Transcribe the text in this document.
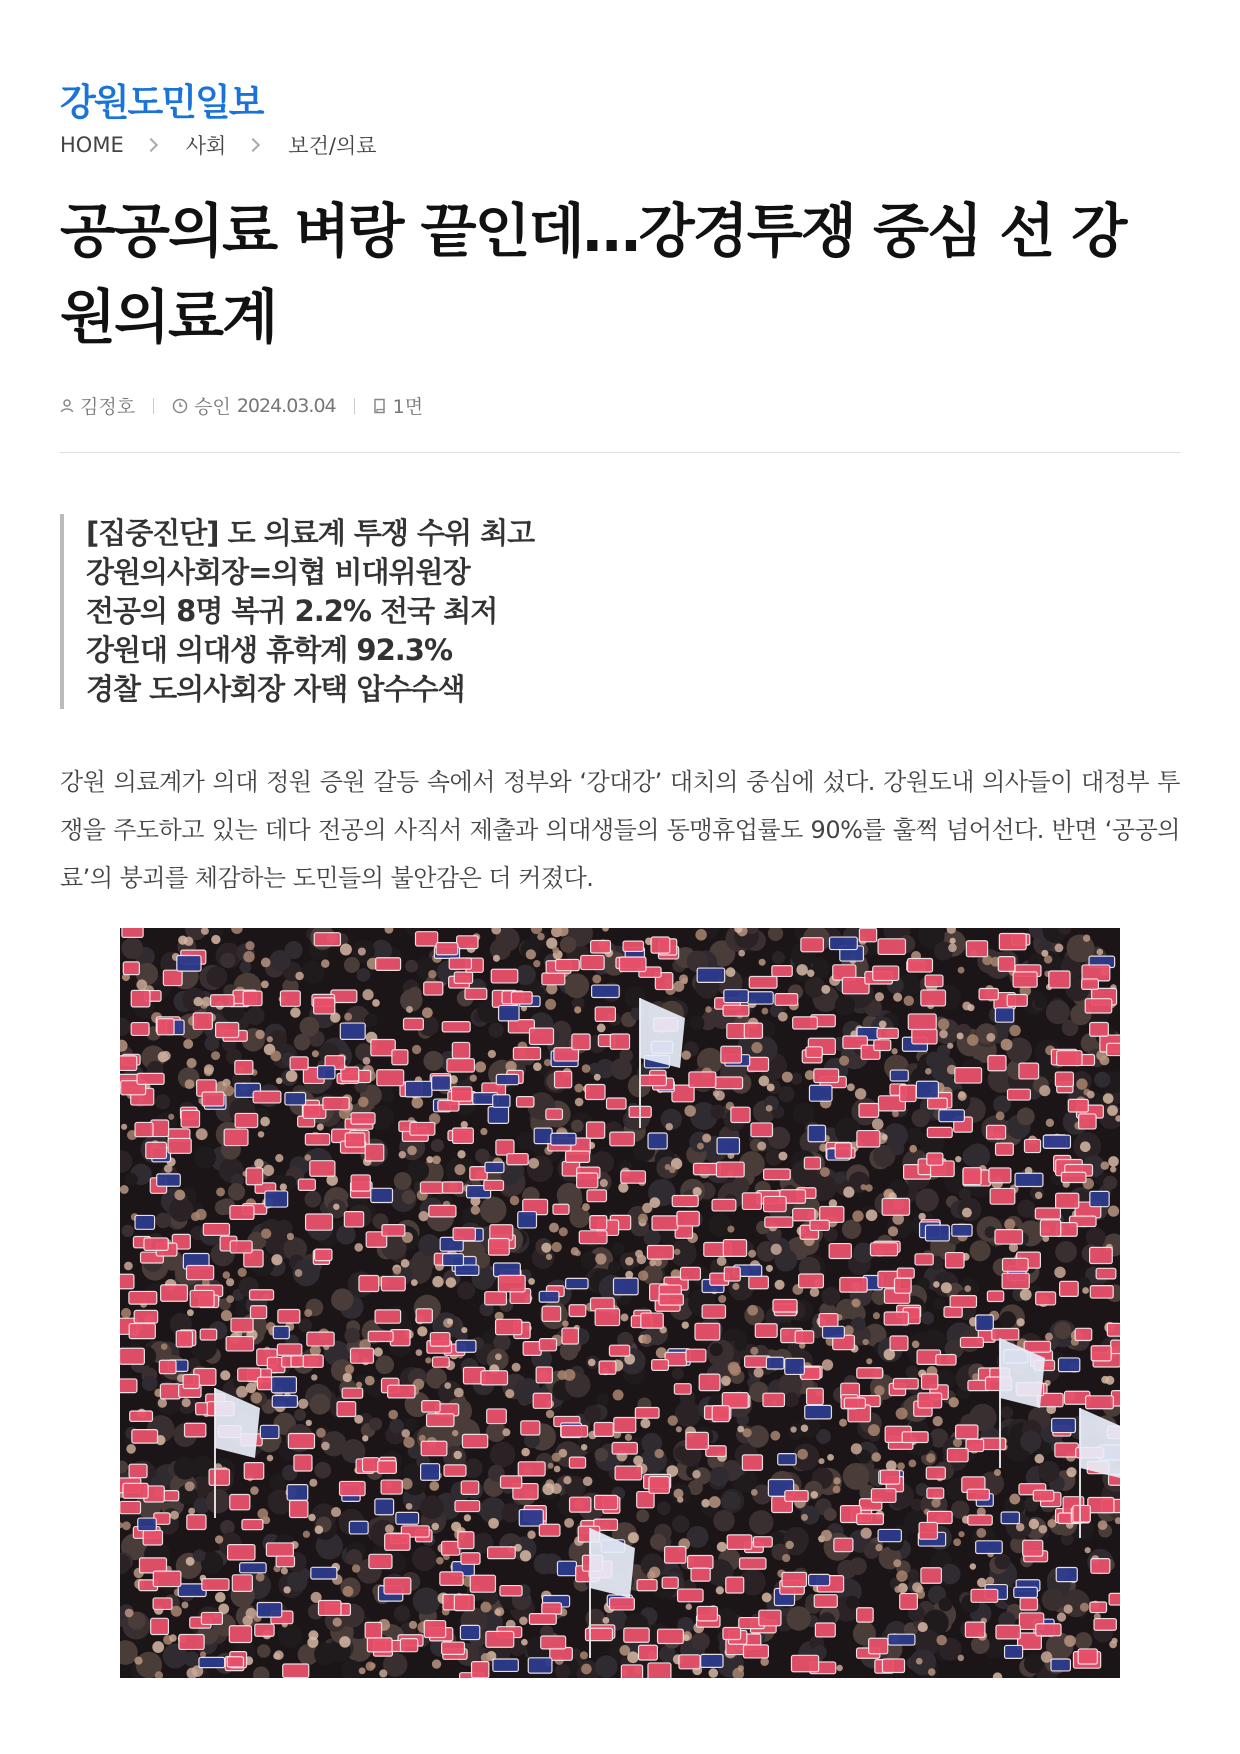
강원도민일보
HOME	사회	보건/의료
공공의료 벼랑 끝인데…강경투쟁 중심 선 강
원의료계
김정호	승인
2024.03.04	1면
[집중진단] 도 의료계 투쟁 수위 최고
강원의사회장=의협 비대위원장
전공의 8명 복귀 2.2% 전국 최저
강원대 의대생 휴학계 92.3%
경찰 도의사회장 자택 압수수색

강원 의료계가 의대 정원 증원 갈등 속에서 정부와 ‘강대강’ 대치의 중심에 섰다. 강원도내 의사들이 대정부 투쟁을 주도하고 있는 데다 전공의 사직서 제출과 의대생들의 동맹휴업률도 90%를 훌쩍 넘어선다. 반면 ‘공공의료’의 붕괴를 체감하는 도민들의 불안감은 더 커졌다.
